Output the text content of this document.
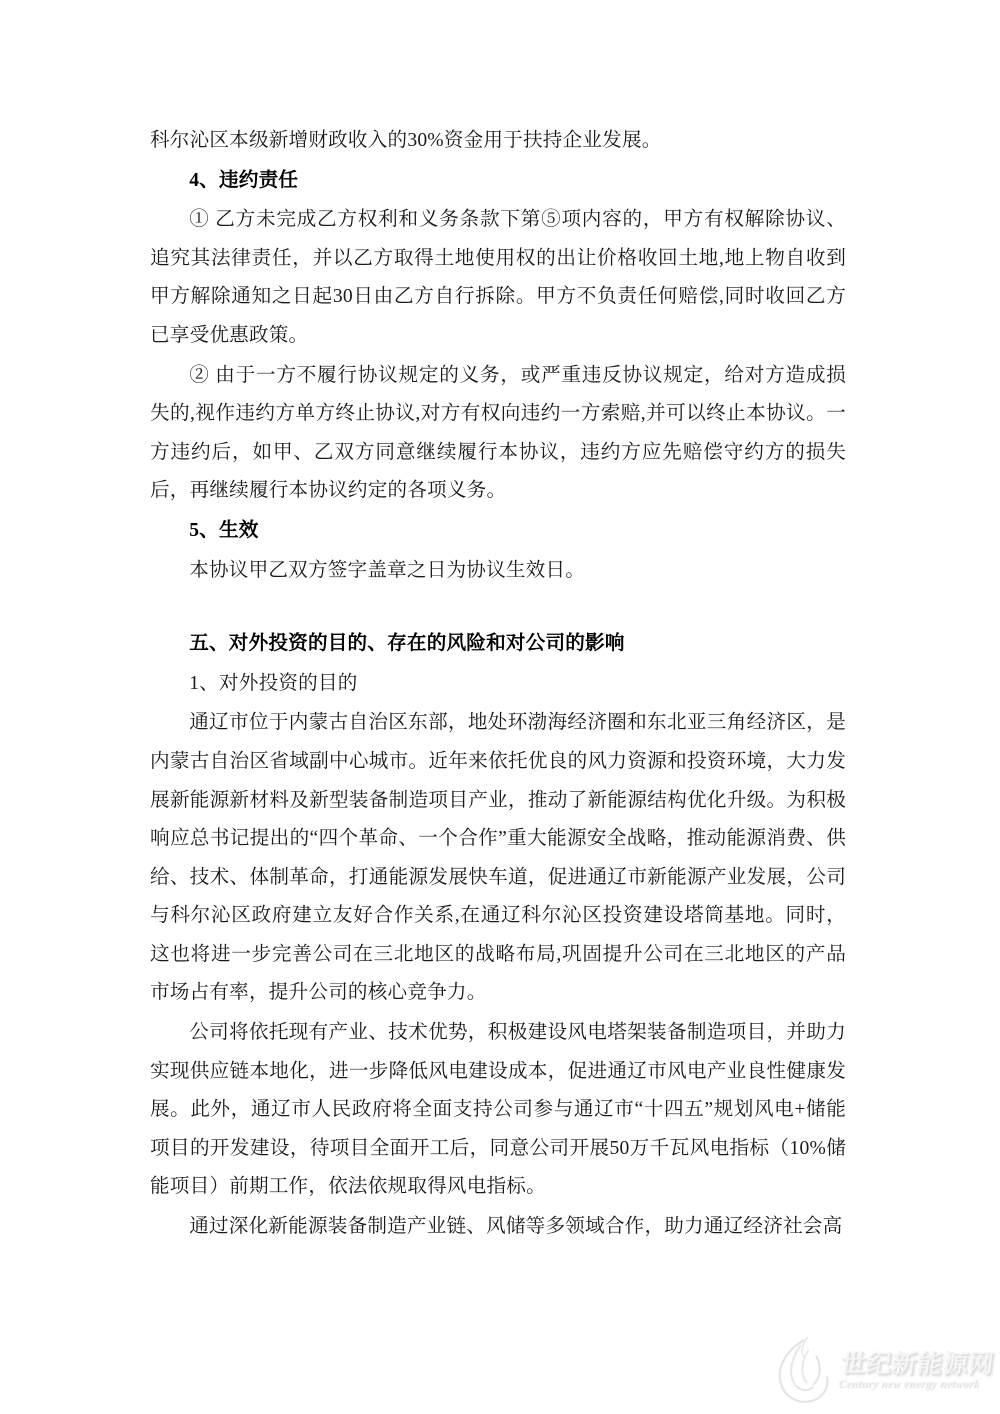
科尔沁区本级新增财政收入的30%资金用于扶持企业发展。

4、违约责任

① 乙方未完成乙方权利和义务条款下第⑤项内容的，甲方有权解除协议、追究其法律责任，并以乙方取得土地使用权的出让价格收回土地,地上物自收到甲方解除通知之日起30日由乙方自行拆除。甲方不负责任何赔偿,同时收回乙方已享受优惠政策。

② 由于一方不履行协议规定的义务，或严重违反协议规定，给对方造成损失的,视作违约方单方终止协议,对方有权向违约一方索赔,并可以终止本协议。一方违约后，如甲、乙双方同意继续履行本协议，违约方应先赔偿守约方的损失后，再继续履行本协议约定的各项义务。

5、生效

本协议甲乙双方签字盖章之日为协议生效日。

五、对外投资的目的、存在的风险和对公司的影响

1、对外投资的目的

通辽市位于内蒙古自治区东部，地处环渤海经济圈和东北亚三角经济区，是内蒙古自治区省域副中心城市。近年来依托优良的风力资源和投资环境，大力发展新能源新材料及新型装备制造项目产业，推动了新能源结构优化升级。为积极响应总书记提出的“四个革命、一个合作”重大能源安全战略，推动能源消费、供给、技术、体制革命，打通能源发展快车道，促进通辽市新能源产业发展，公司与科尔沁区政府建立友好合作关系,在通辽科尔沁区投资建设塔筒基地。同时，这也将进一步完善公司在三北地区的战略布局,巩固提升公司在三北地区的产品市场占有率，提升公司的核心竞争力。

公司将依托现有产业、技术优势，积极建设风电塔架装备制造项目，并助力实现供应链本地化，进一步降低风电建设成本，促进通辽市风电产业良性健康发展。此外，通辽市人民政府将全面支持公司参与通辽市“十四五”规划风电+储能项目的开发建设，待项目全面开工后，同意公司开展50万千瓦风电指标（10%储能项目）前期工作，依法依规取得风电指标。

通过深化新能源装备制造产业链、风储等多领域合作，助力通辽经济社会高

世纪新能源网
Century new energy network
